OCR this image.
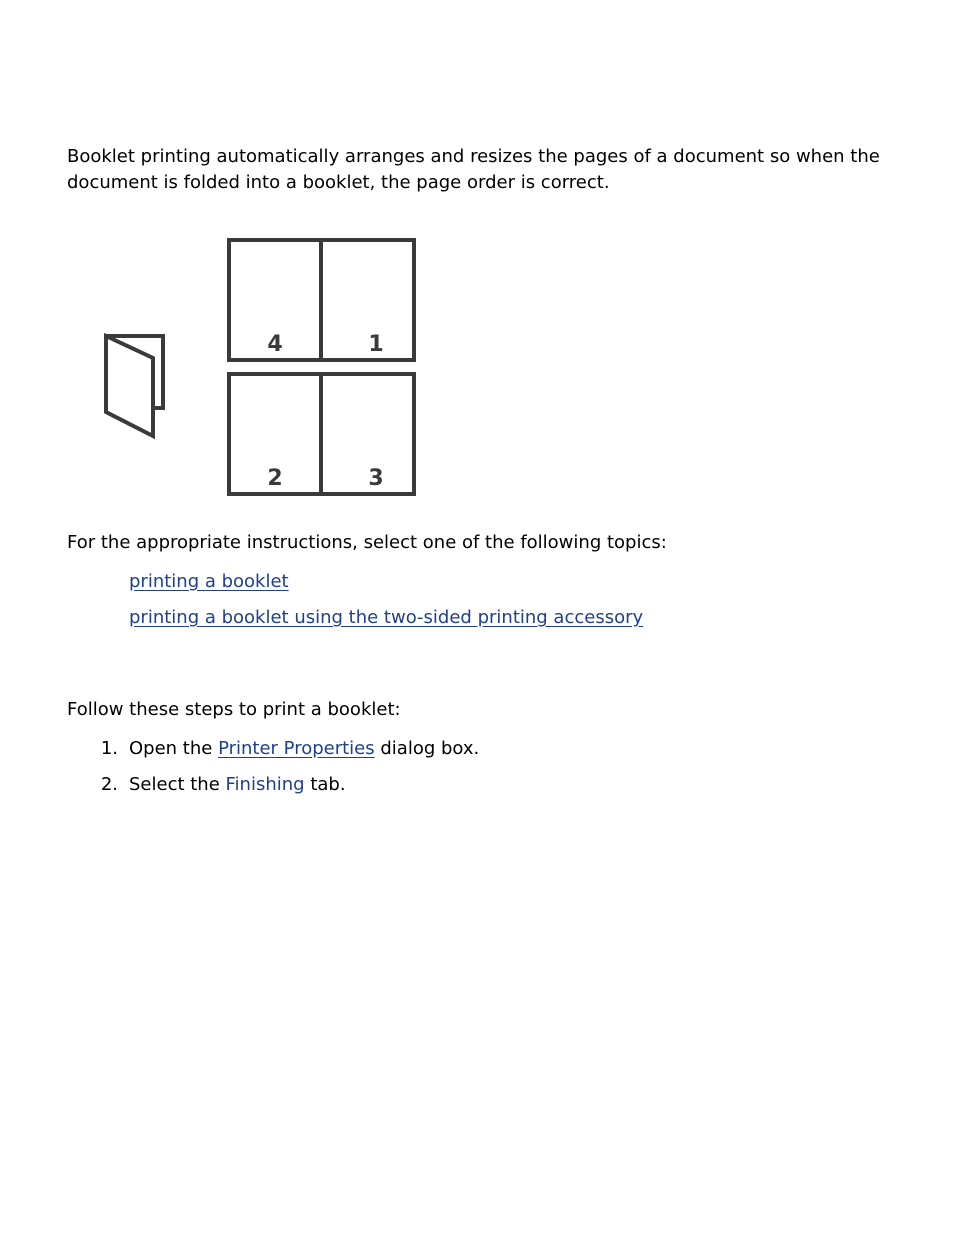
Booklet printing automatically arranges and resizes the pages of a document so when the document is folded into a booklet, the page order is correct.

4	1
2	3

For the appropriate instructions, select one of the following topics:

printing a booklet
printing a booklet using the two-sided printing accessory

Follow these steps to print a booklet:

1. Open the Printer Properties dialog box.
2. Select the Finishing tab.
